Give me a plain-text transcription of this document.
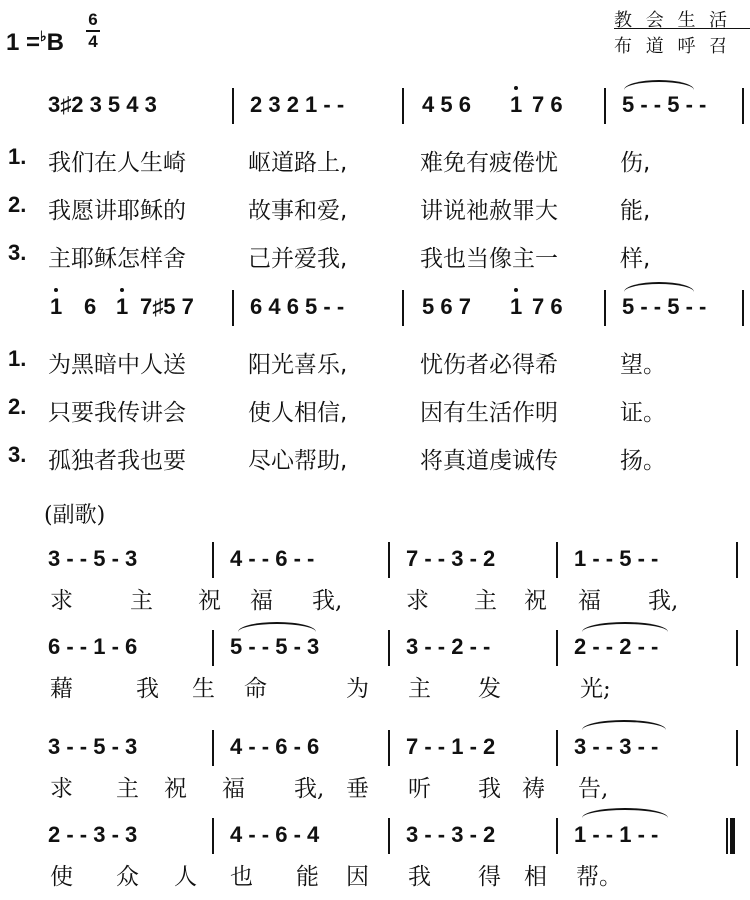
1 =♭B
6
4
教 会 生 活
布 道 呼 召
3♯2 3 5 4 3	2 3 2 1 - -	4 5 6 1 7 6	5 - - 5 - -
1. 我们在人生崎	岖道路上,	难免有疲倦忧	伤,
2. 我愿讲耶稣的	故事和爱,	讲说祂赦罪大	能,
3. 主耶稣怎样舍	己并爱我,	我也当像主一	样,
1 6 1 7♯5 7	6 4 6 5 - -	5 6 7 1 7 6	5 - - 5 - -
1. 为黑暗中人送	阳光喜乐,	忧伤者必得希	望。
2. 只要我传讲会	使人相信,	因有生活作明	证。
3. 孤独者我也要	尽心帮助,	将真道虔诚传	扬。
(副歌)
3 - - 5 - 3	4 - - 6 - -	7 - - 3 - 2	1 - - 5 - -
求 主 祝 福 我,	求 主 祝 福 我,
6 - - 1 - 6	5 - - 5 - 3	3 - - 2 - -	2 - - 2 - -
藉	我 生 命	为 主 发	光;
3 - - 5 - 3	4 - - 6 - 6	7 - - 1 - 2	3 - - 3 - -
求 主 祝 福 我, 垂 听 我 祷 告,
2 - - 3 - 3	4 - - 6 - 4	3 - - 3 - 2	1 - - 1 - -
使 众 人 也 能 因 我 得 相 帮。
